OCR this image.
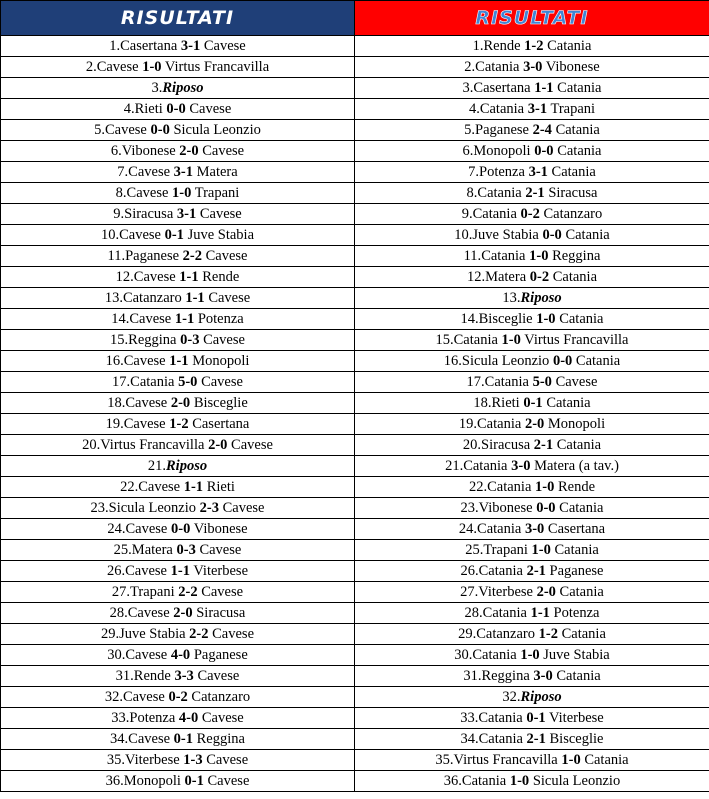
RISULTATI	RISULTATI
1.Casertana 3-1 Cavese	1.Rende 1-2 Catania
2.Cavese 1-0 Virtus Francavilla	2.Catania 3-0 Vibonese
3.Riposo	3.Casertana 1-1 Catania
4.Rieti 0-0 Cavese	4.Catania 3-1 Trapani
5.Cavese 0-0 Sicula Leonzio	5.Paganese 2-4 Catania
6.Vibonese 2-0 Cavese	6.Monopoli 0-0 Catania
7.Cavese 3-1 Matera	7.Potenza 3-1 Catania
8.Cavese 1-0 Trapani	8.Catania 2-1 Siracusa
9.Siracusa 3-1 Cavese	9.Catania 0-2 Catanzaro
10.Cavese 0-1 Juve Stabia	10.Juve Stabia 0-0 Catania
11.Paganese 2-2 Cavese	11.Catania 1-0 Reggina
12.Cavese 1-1 Rende	12.Matera 0-2 Catania
13.Catanzaro 1-1 Cavese	13.Riposo
14.Cavese 1-1 Potenza	14.Bisceglie 1-0 Catania
15.Reggina 0-3 Cavese	15.Catania 1-0 Virtus Francavilla
16.Cavese 1-1 Monopoli	16.Sicula Leonzio 0-0 Catania
17.Catania 5-0 Cavese	17.Catania 5-0 Cavese
18.Cavese 2-0 Bisceglie	18.Rieti 0-1 Catania
19.Cavese 1-2 Casertana	19.Catania 2-0 Monopoli
20.Virtus Francavilla 2-0 Cavese	20.Siracusa 2-1 Catania
21.Riposo	21.Catania 3-0 Matera (a tav.)
22.Cavese 1-1 Rieti	22.Catania 1-0 Rende
23.Sicula Leonzio 2-3 Cavese	23.Vibonese 0-0 Catania
24.Cavese 0-0 Vibonese	24.Catania 3-0 Casertana
25.Matera 0-3 Cavese	25.Trapani 1-0 Catania
26.Cavese 1-1 Viterbese	26.Catania 2-1 Paganese
27.Trapani 2-2 Cavese	27.Viterbese 2-0 Catania
28.Cavese 2-0 Siracusa	28.Catania 1-1 Potenza
29.Juve Stabia 2-2 Cavese	29.Catanzaro 1-2 Catania
30.Cavese 4-0 Paganese	30.Catania 1-0 Juve Stabia
31.Rende 3-3 Cavese	31.Reggina 3-0 Catania
32.Cavese 0-2 Catanzaro	32.Riposo
33.Potenza 4-0 Cavese	33.Catania 0-1 Viterbese
34.Cavese 0-1 Reggina	34.Catania 2-1 Bisceglie
35.Viterbese 1-3 Cavese	35.Virtus Francavilla 1-0 Catania
36.Monopoli 0-1 Cavese	36.Catania 1-0 Sicula Leonzio
